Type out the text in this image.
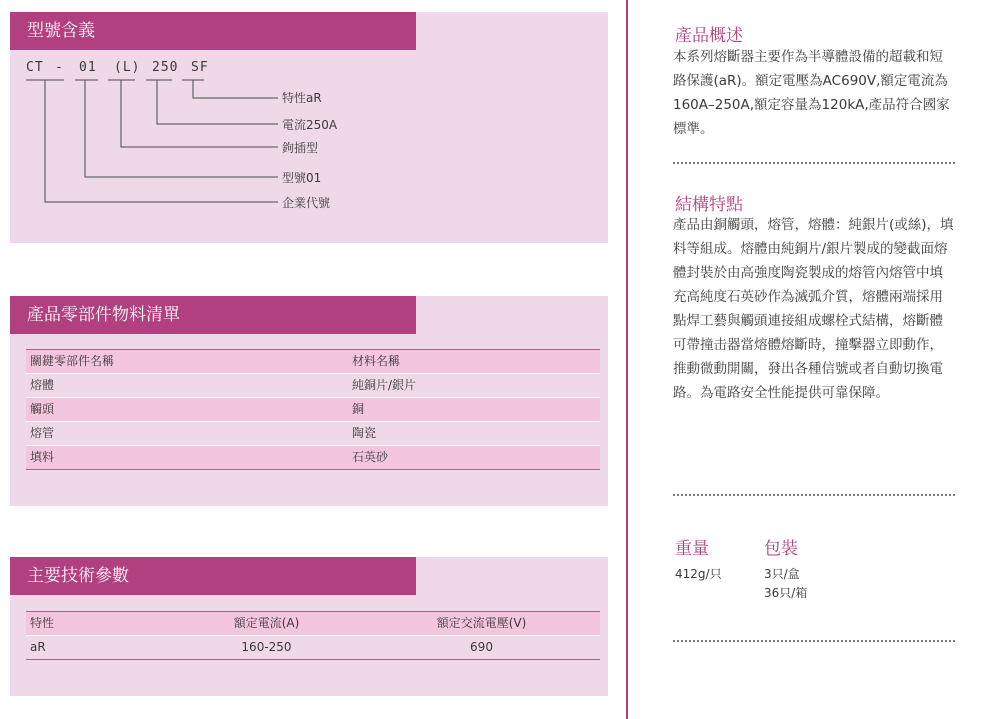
型號含義
CT - 01 (L) 250 SF
特性aR
電流250A
鉤插型
型號01
企業代號
產品零部件物料清單
關鍵零部件名稱	材料名稱
熔體	純銅片/銀片
觸頭	銅
熔管	陶瓷
填料	石英砂
主要技術參數
特性	額定電流(A)	額定交流電壓(V)
aR	160-250	690
產品概述
本系列熔斷器主要作為半導體設備的超載和短路保護(aR)。額定電壓為AC690V,額定電流為160A–250A,額定容量為120kA,產品符合國家標準。
結構特點
產品由銅觸頭，熔管，熔體：純銀片(或絲)，填料等組成。熔體由純銅片/銀片製成的變截面熔體封裝於由高強度陶瓷製成的熔管內熔管中填充高純度石英砂作為滅弧介質，熔體兩端採用點焊工藝與觸頭連接組成螺栓式結構，熔斷體可帶撞击器當熔體熔斷時，撞擊器立即動作，推動微動開關，發出各種信號或者自動切換電路。為電路安全性能提供可靠保障。
重量	包裝
412g/只	3只/盒
36只/箱
